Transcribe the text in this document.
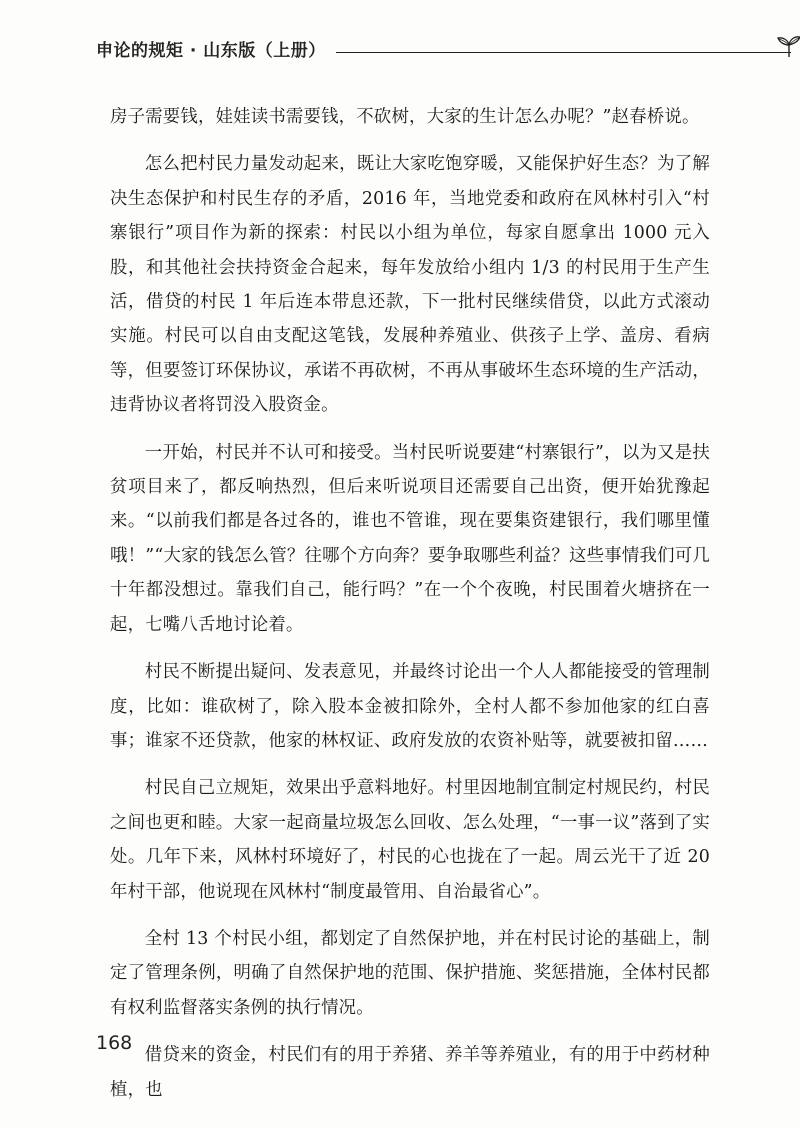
申论的规矩 · 山东版（上册）

房子需要钱，娃娃读书需要钱，不砍树，大家的生计怎么办呢？”赵春桥说。

怎么把村民力量发动起来，既让大家吃饱穿暖，又能保护好生态？为了解决生态保护和村民生存的矛盾，2016 年，当地党委和政府在风林村引入“村寨银行”项目作为新的探索：村民以小组为单位，每家自愿拿出 1000 元入股，和其他社会扶持资金合起来，每年发放给小组内 1/3 的村民用于生产生活，借贷的村民 1 年后连本带息还款，下一批村民继续借贷，以此方式滚动实施。村民可以自由支配这笔钱，发展种养殖业、供孩子上学、盖房、看病等，但要签订环保协议，承诺不再砍树，不再从事破坏生态环境的生产活动，违背协议者将罚没入股资金。

一开始，村民并不认可和接受。当村民听说要建“村寨银行”，以为又是扶贫项目来了，都反响热烈，但后来听说项目还需要自己出资，便开始犹豫起来。“以前我们都是各过各的，谁也不管谁，现在要集资建银行，我们哪里懂哦！”“大家的钱怎么管？往哪个方向奔？要争取哪些利益？这些事情我们可几十年都没想过。靠我们自己，能行吗？”在一个个夜晚，村民围着火塘挤在一起，七嘴八舌地讨论着。

村民不断提出疑问、发表意见，并最终讨论出一个人人都能接受的管理制度，比如：谁砍树了，除入股本金被扣除外，全村人都不参加他家的红白喜事；谁家不还贷款，他家的林权证、政府发放的农资补贴等，就要被扣留……

村民自己立规矩，效果出乎意料地好。村里因地制宜制定村规民约，村民之间也更和睦。大家一起商量垃圾怎么回收、怎么处理，“一事一议”落到了实处。几年下来，风林村环境好了，村民的心也拢在了一起。周云光干了近 20 年村干部，他说现在风林村“制度最管用、自治最省心”。

全村 13 个村民小组，都划定了自然保护地，并在村民讨论的基础上，制定了管理条例，明确了自然保护地的范围、保护措施、奖惩措施，全体村民都有权利监督落实条例的执行情况。

借贷来的资金，村民们有的用于养猪、养羊等养殖业，有的用于中药材种植，也

168
